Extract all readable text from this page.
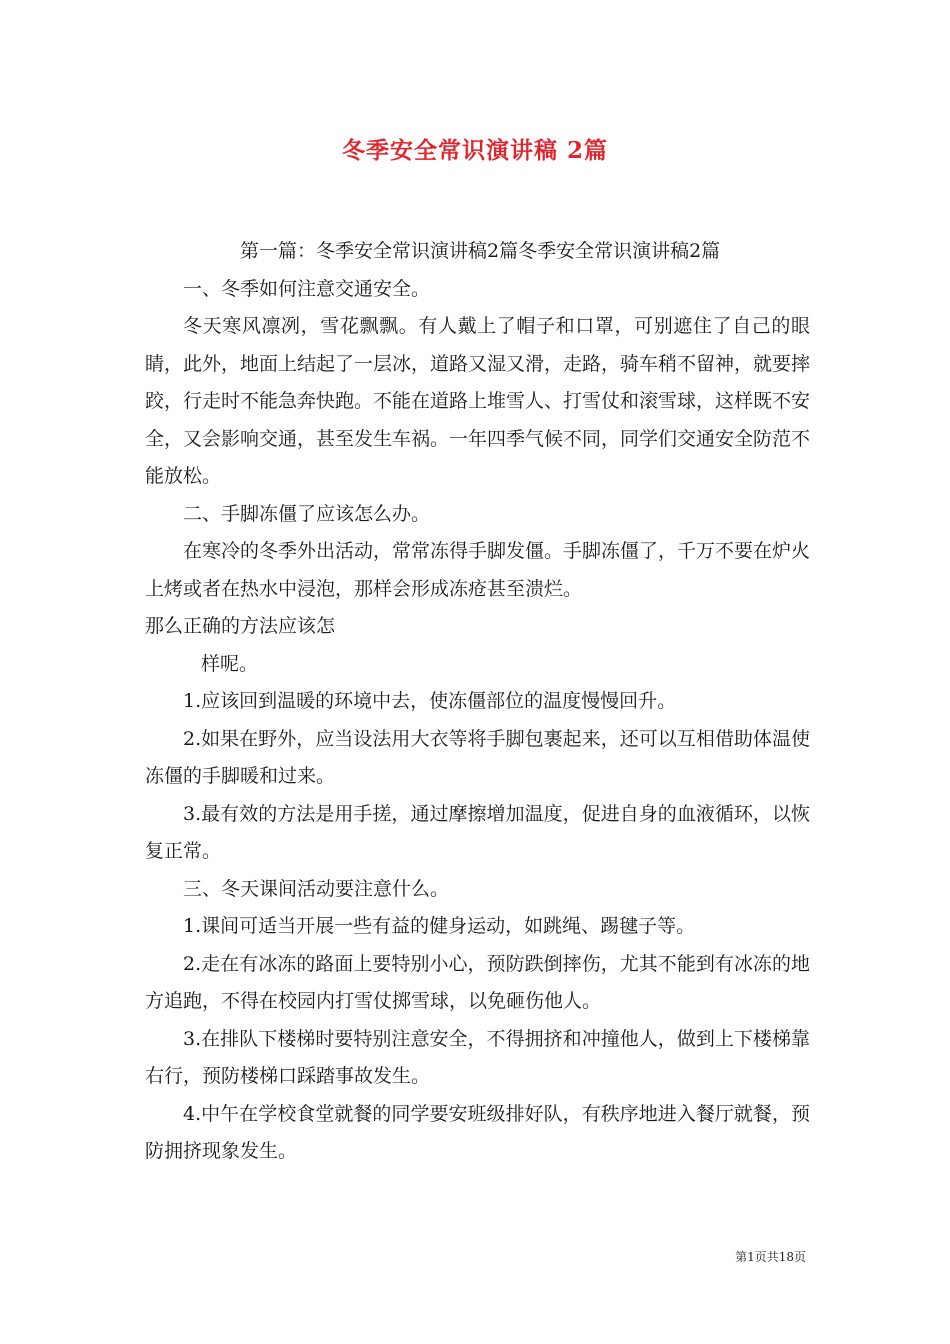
冬季安全常识演讲稿 2篇

第一篇：冬季安全常识演讲稿2篇冬季安全常识演讲稿2篇

一、冬季如何注意交通安全。

冬天寒风凛冽，雪花飘飘。有人戴上了帽子和口罩，可别遮住了自己的眼睛，此外，地面上结起了一层冰，道路又湿又滑，走路，骑车稍不留神，就要摔跤，行走时不能急奔快跑。不能在道路上堆雪人、打雪仗和滚雪球，这样既不安全，又会影响交通，甚至发生车祸。一年四季气候不同，同学们交通安全防范不能放松。

二、手脚冻僵了应该怎么办。

在寒冷的冬季外出活动，常常冻得手脚发僵。手脚冻僵了，千万不要在炉火上烤或者在热水中浸泡，那样会形成冻疮甚至溃烂。

那么正确的方法应该怎

样呢。

1.应该回到温暖的环境中去，使冻僵部位的温度慢慢回升。

2.如果在野外，应当设法用大衣等将手脚包裹起来，还可以互相借助体温使冻僵的手脚暖和过来。

3.最有效的方法是用手搓，通过摩擦增加温度，促进自身的血液循环，以恢复正常。

三、冬天课间活动要注意什么。

1.课间可适当开展一些有益的健身运动，如跳绳、踢毽子等。

2.走在有冰冻的路面上要特别小心，预防跌倒摔伤，尤其不能到有冰冻的地方追跑，不得在校园内打雪仗掷雪球，以免砸伤他人。

3.在排队下楼梯时要特别注意安全，不得拥挤和冲撞他人，做到上下楼梯靠右行，预防楼梯口踩踏事故发生。

4.中午在学校食堂就餐的同学要安班级排好队，有秩序地进入餐厅就餐，预防拥挤现象发生。

第1页共18页
